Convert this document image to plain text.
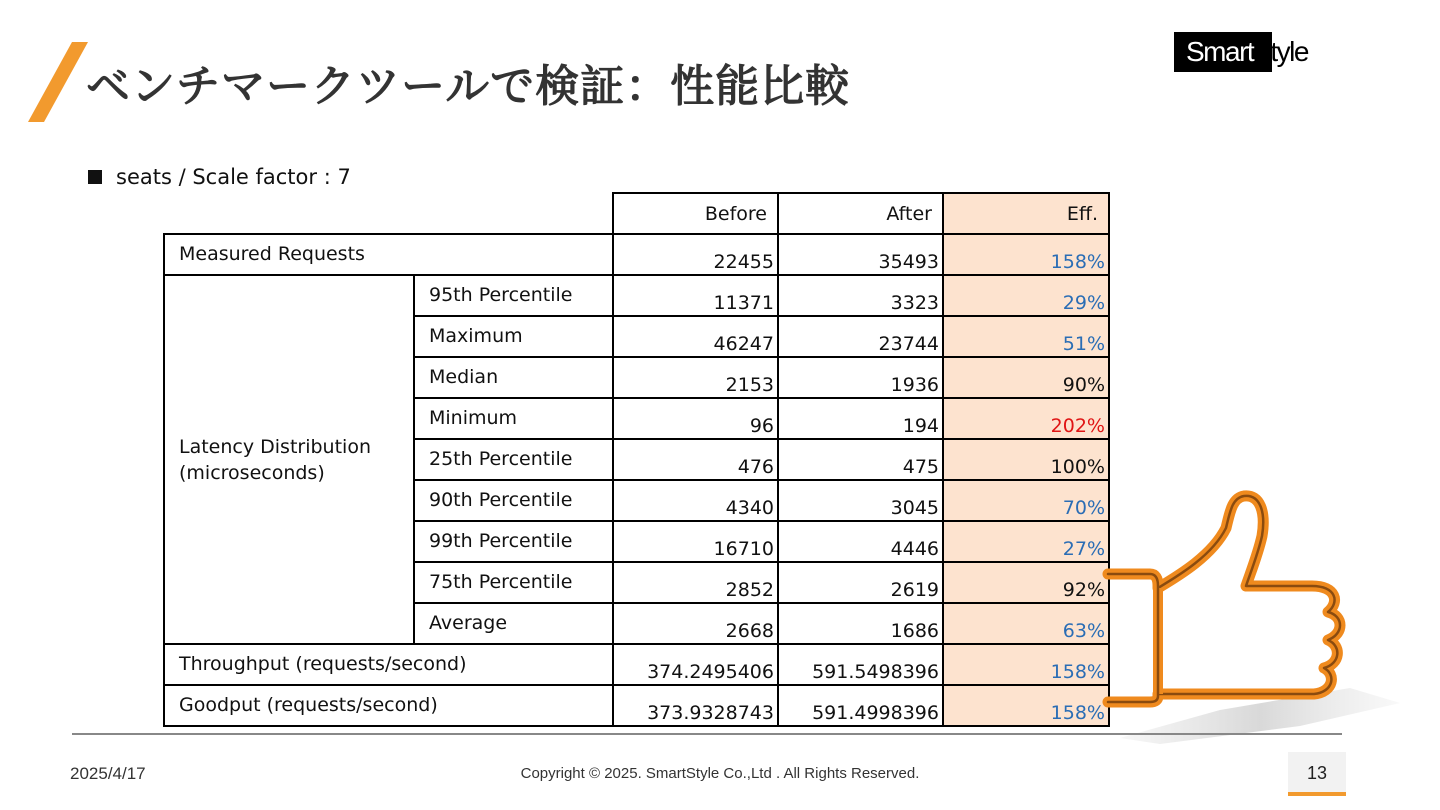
ベンチマークツールで検証：性能比較
SmartStyle
seats / Scale factor : 7
		Before	After	Eff.
Measured Requests		22455	35493	158%

Latency Distribution
(microseconds)	95th Percentile	11371	3323	29%
	Maximum	46247	23744	51%
	Median	2153	1936	90%
	Minimum	96	194	202%
	25th Percentile	476	475	100%
	90th Percentile	4340	3045	70%
	99th Percentile	16710	4446	27%
	75th Percentile	2852	2619	92%
	Average	2668	1686	63%
Throughput (requests/second)		374.2495406	591.5498396	158%
Goodput (requests/second)		373.9328743	591.4998396	158%
2025/4/17	Copyright © 2025. SmartStyle Co.,Ltd . All Rights Reserved.	13
